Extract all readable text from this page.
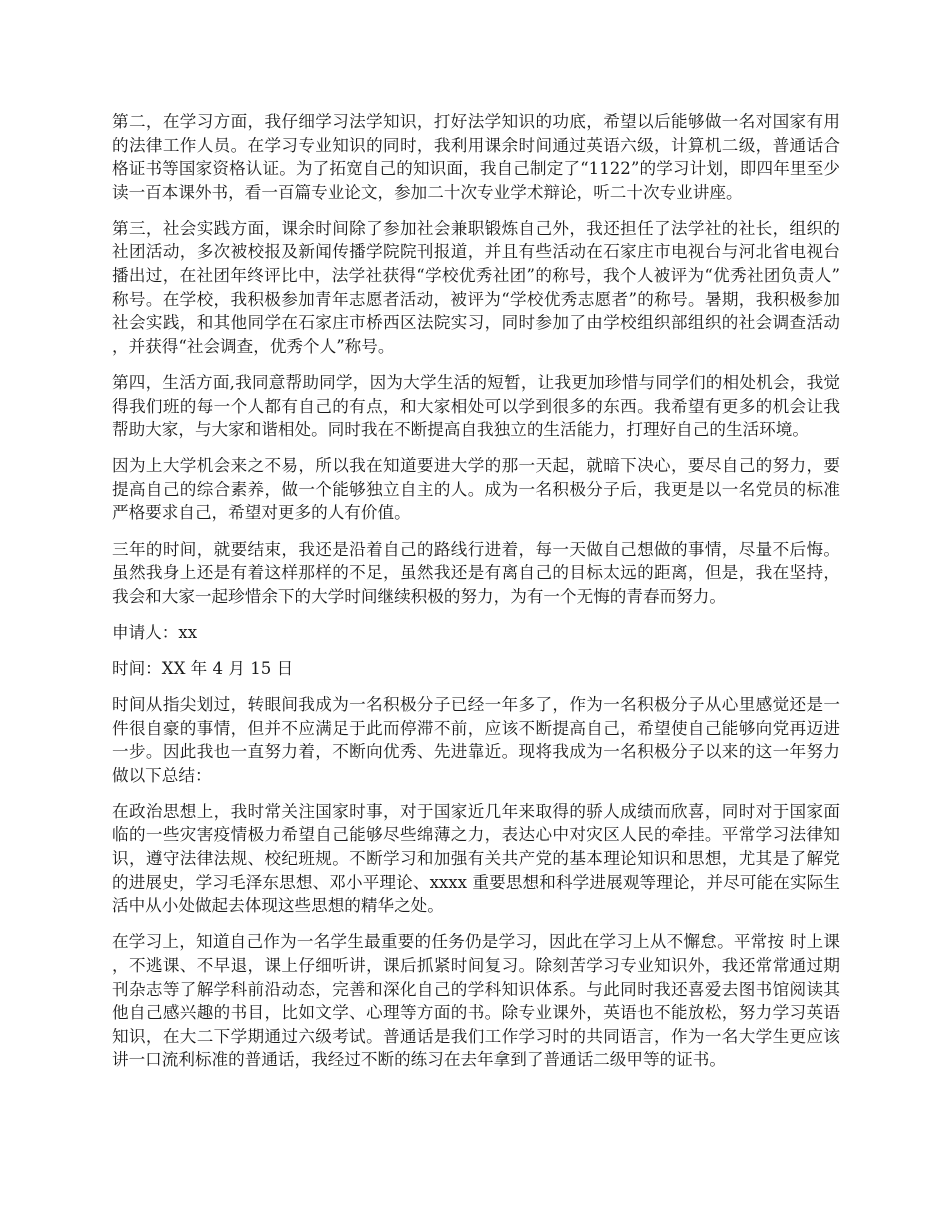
第二，在学习方面，我仔细学习法学知识，打好法学知识的功底，希望以后能够做一名对国家有用的法律工作人员。在学习专业知识的同时，我利用课余时间通过英语六级，计算机二级，普通话合格证书等国家资格认证。为了拓宽自己的知识面，我自己制定了“1122”的学习计划，即四年里至少读一百本课外书，看一百篇专业论文，参加二十次专业学术辩论，听二十次专业讲座。

第三，社会实践方面，课余时间除了参加社会兼职锻炼自己外，我还担任了法学社的社长，组织的社团活动，多次被校报及新闻传播学院院刊报道，并且有些活动在石家庄市电视台与河北省电视台播出过，在社团年终评比中，法学社获得“学校优秀社团”的称号，我个人被评为“优秀社团负责人”称号。在学校，我积极参加青年志愿者活动，被评为“学校优秀志愿者”的称号。暑期，我积极参加社会实践，和其他同学在石家庄市桥西区法院实习，同时参加了由学校组织部组织的社会调查活动，并获得“社会调查，优秀个人”称号。

第四，生活方面,我同意帮助同学，因为大学生活的短暂，让我更加珍惜与同学们的相处机会，我觉得我们班的每一个人都有自己的有点，和大家相处可以学到很多的东西。我希望有更多的机会让我帮助大家，与大家和谐相处。同时我在不断提高自我独立的生活能力，打理好自己的生活环境。

因为上大学机会来之不易，所以我在知道要进大学的那一天起，就暗下决心，要尽自己的努力，要提高自己的综合素养，做一个能够独立自主的人。成为一名积极分子后，我更是以一名党员的标准严格要求自己，希望对更多的人有价值。

三年的时间，就要结束，我还是沿着自己的路线行进着，每一天做自己想做的事情，尽量不后悔。虽然我身上还是有着这样那样的不足，虽然我还是有离自己的目标太远的距离，但是，我在坚持，我会和大家一起珍惜余下的大学时间继续积极的努力，为有一个无悔的青春而努力。

申请人：xx

时间：XX 年 4 月 15 日

时间从指尖划过，转眼间我成为一名积极分子已经一年多了，作为一名积极分子从心里感觉还是一件很自豪的事情，但并不应满足于此而停滞不前，应该不断提高自己，希望使自己能够向党再迈进一步。因此我也一直努力着，不断向优秀、先进靠近。现将我成为一名积极分子以来的这一年努力做以下总结：

在政治思想上，我时常关注国家时事，对于国家近几年来取得的骄人成绩而欣喜，同时对于国家面临的一些灾害疫情极力希望自己能够尽些绵薄之力，表达心中对灾区人民的牵挂。平常学习法律知识，遵守法律法规、校纪班规。不断学习和加强有关共产党的基本理论知识和思想，尤其是了解党的进展史，学习毛泽东思想、邓小平理论、xxxx 重要思想和科学进展观等理论，并尽可能在实际生活中从小处做起去体现这些思想的精华之处。

在学习上，知道自己作为一名学生最重要的任务仍是学习，因此在学习上从不懈怠。平常按 时上课，不逃课、不早退，课上仔细听讲，课后抓紧时间复习。除刻苦学习专业知识外，我还常常通过期刊杂志等了解学科前沿动态，完善和深化自己的学科知识体系。与此同时我还喜爱去图书馆阅读其他自己感兴趣的书目，比如文学、心理等方面的书。除专业课外，英语也不能放松，努力学习英语知识，在大二下学期通过六级考试。普通话是我们工作学习时的共同语言，作为一名大学生更应该讲一口流利标准的普通话，我经过不断的练习在去年拿到了普通话二级甲等的证书。
